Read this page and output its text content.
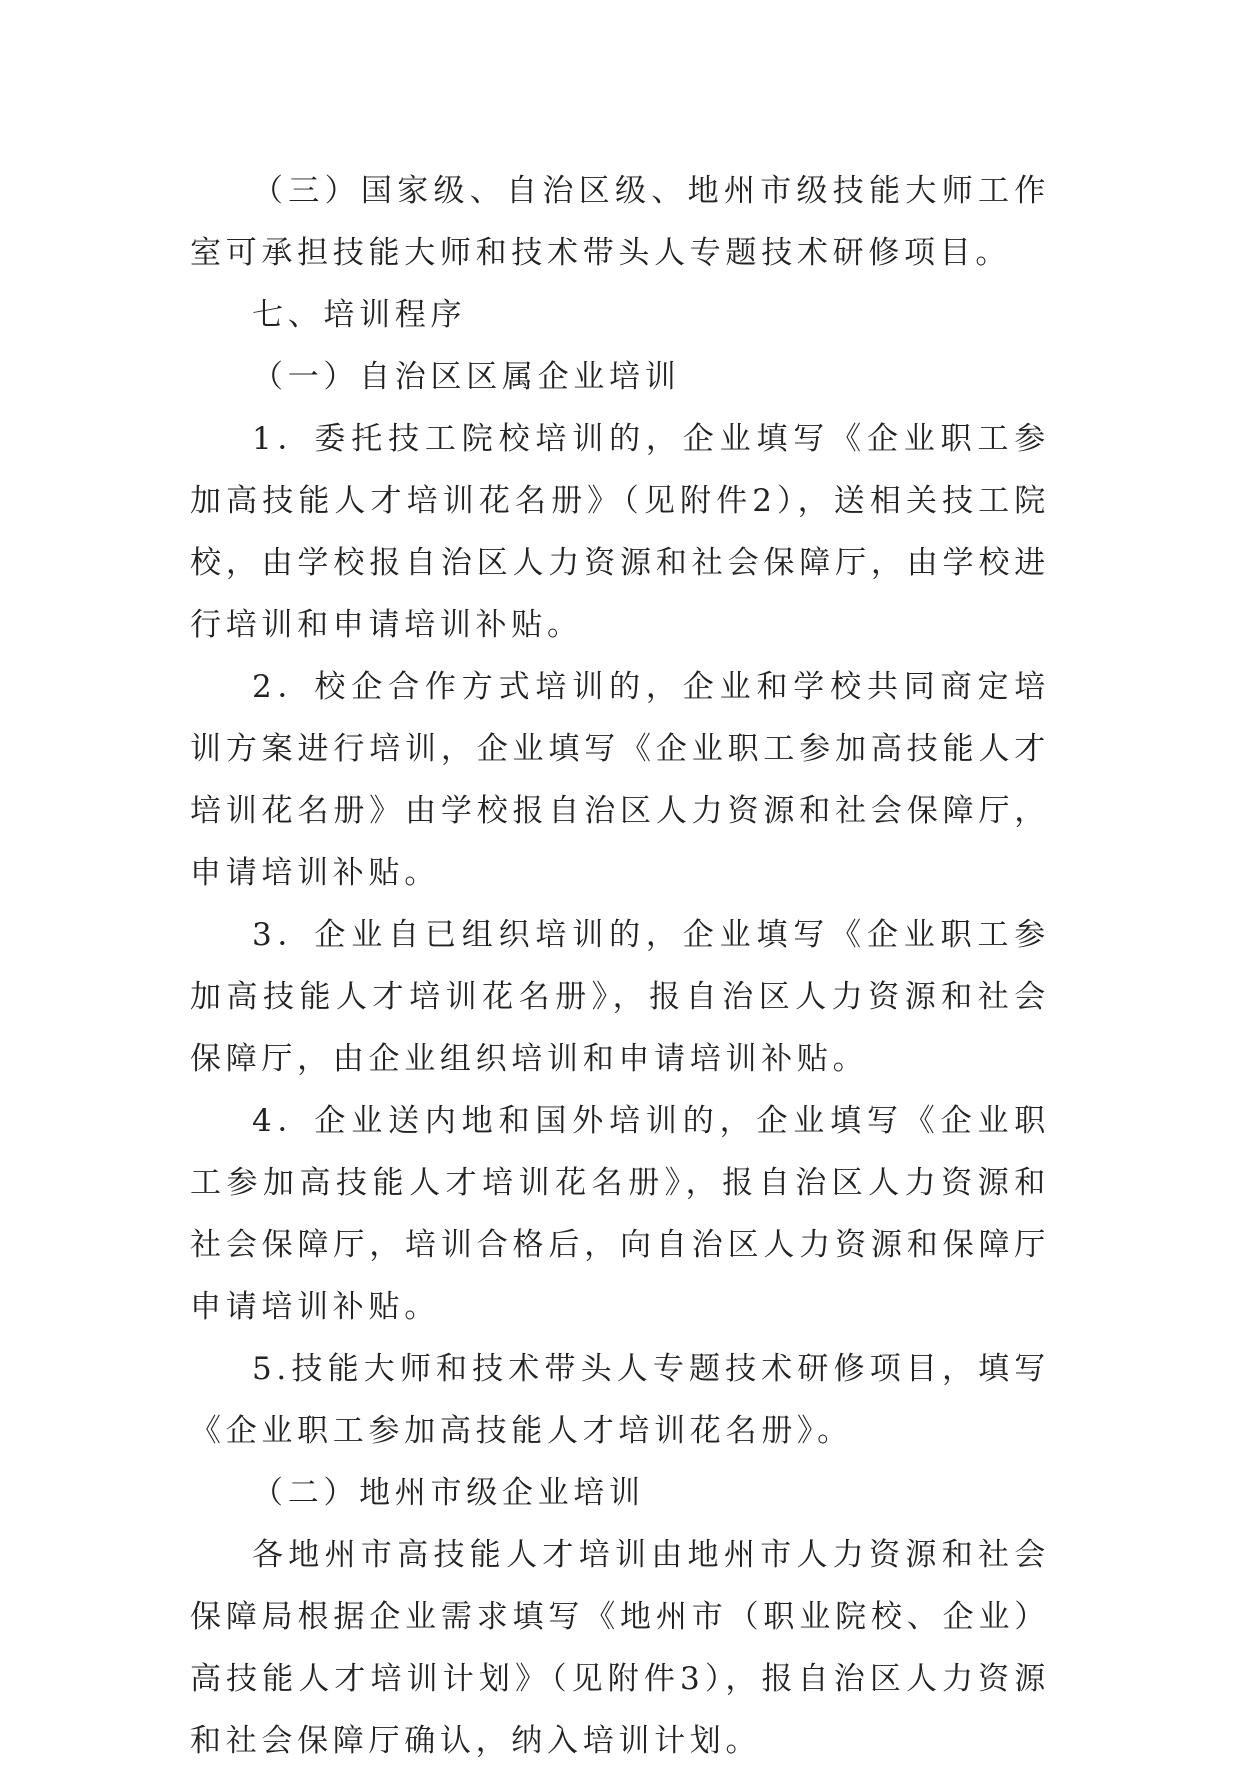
（三）国家级、自治区级、地州市级技能大师工作室可承担技能大师和技术带头人专题技术研修项目。

七、培训程序

（一）自治区区属企业培训

1．委托技工院校培训的，企业填写《企业职工参加高技能人才培训花名册》（见附件2），送相关技工院校，由学校报自治区人力资源和社会保障厅，由学校进行培训和申请培训补贴。

2．校企合作方式培训的，企业和学校共同商定培训方案进行培训，企业填写《企业职工参加高技能人才培训花名册》由学校报自治区人力资源和社会保障厅，申请培训补贴。

3．企业自已组织培训的，企业填写《企业职工参加高技能人才培训花名册》，报自治区人力资源和社会保障厅，由企业组织培训和申请培训补贴。

4．企业送内地和国外培训的，企业填写《企业职工参加高技能人才培训花名册》，报自治区人力资源和社会保障厅，培训合格后，向自治区人力资源和保障厅申请培训补贴。

5.技能大师和技术带头人专题技术研修项目，填写《企业职工参加高技能人才培训花名册》。

（二）地州市级企业培训

各地州市高技能人才培训由地州市人力资源和社会保障局根据企业需求填写《地州市（职业院校、企业）高技能人才培训计划》（见附件3），报自治区人力资源和社会保障厅确认，纳入培训计划。
